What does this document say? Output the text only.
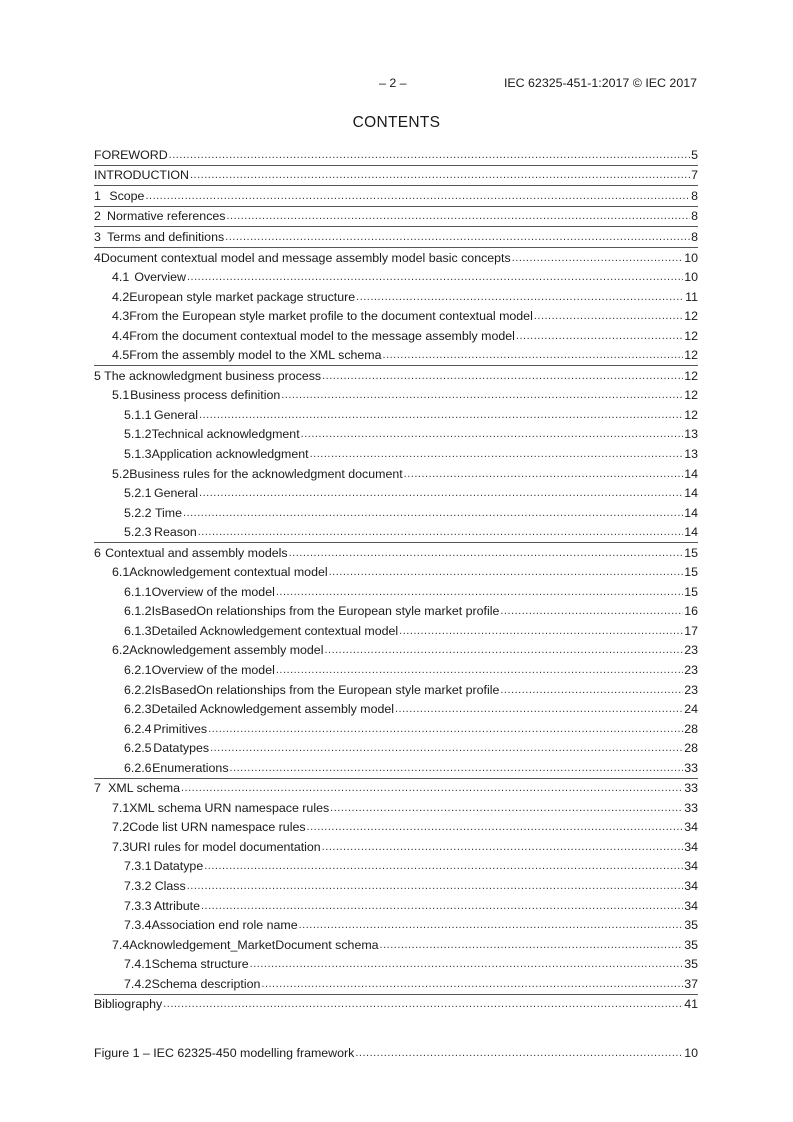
– 2 –	IEC 62325-451-1:2017 © IEC 2017
CONTENTS
FOREWORD .....	5
INTRODUCTION .....	7
1 Scope .....	8
2 Normative references .....	8
3 Terms and definitions .....	8
4 Document contextual model and message assembly model basic concepts .....	10
4.1 Overview .....	10
4.2 European style market package structure .....	11
4.3 From the European style market profile to the document contextual model .....	12
4.4 From the document contextual model to the message assembly model .....	12
4.5 From the assembly model to the XML schema .....	12
5 The acknowledgment business process .....	12
5.1 Business process definition .....	12
5.1.1 General .....	12
5.1.2 Technical acknowledgment .....	13
5.1.3 Application acknowledgment .....	13
5.2 Business rules for the acknowledgment document .....	14
5.2.1 General .....	14
5.2.2 Time .....	14
5.2.3 Reason .....	14
6 Contextual and assembly models .....	15
6.1 Acknowledgement contextual model .....	15
6.1.1 Overview of the model .....	15
6.1.2 IsBasedOn relationships from the European style market profile .....	16
6.1.3 Detailed Acknowledgement contextual model .....	17
6.2 Acknowledgement assembly model .....	23
6.2.1 Overview of the model .....	23
6.2.2 IsBasedOn relationships from the European style market profile .....	23
6.2.3 Detailed Acknowledgement assembly model .....	24
6.2.4 Primitives .....	28
6.2.5 Datatypes .....	28
6.2.6 Enumerations .....	33
7 XML schema .....	33
7.1 XML schema URN namespace rules .....	33
7.2 Code list URN namespace rules .....	34
7.3 URI rules for model documentation .....	34
7.3.1 Datatype .....	34
7.3.2 Class .....	34
7.3.3 Attribute .....	34
7.3.4 Association end role name .....	35
7.4 Acknowledgement_MarketDocument schema .....	35
7.4.1 Schema structure .....	35
7.4.2 Schema description .....	37
Bibliography .....	41
Figure 1 – IEC 62325-450 modelling framework .....	10
